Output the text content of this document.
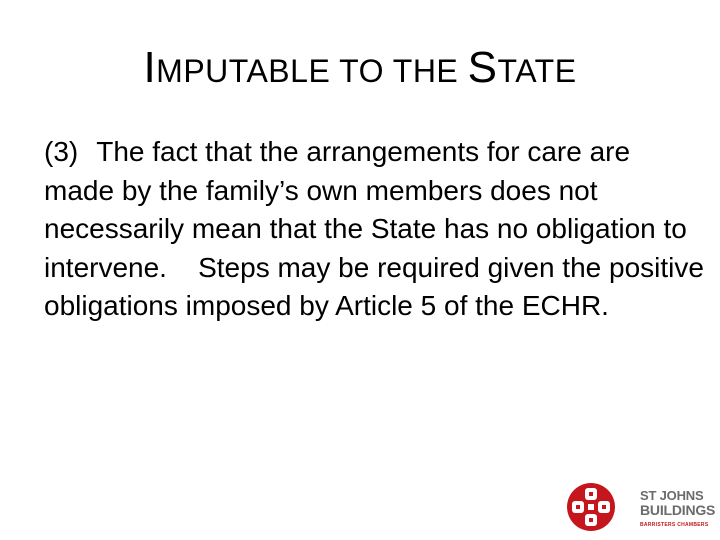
IMPUTABLE TO THE STATE
(3) The fact that the arrangements for care are made by the family’s own members does not necessarily mean that the State has no obligation to intervene. Steps may be required given the positive obligations imposed by Article 5 of the ECHR.
ST JOHNS
BUILDINGS
BARRISTERS CHAMBERS
